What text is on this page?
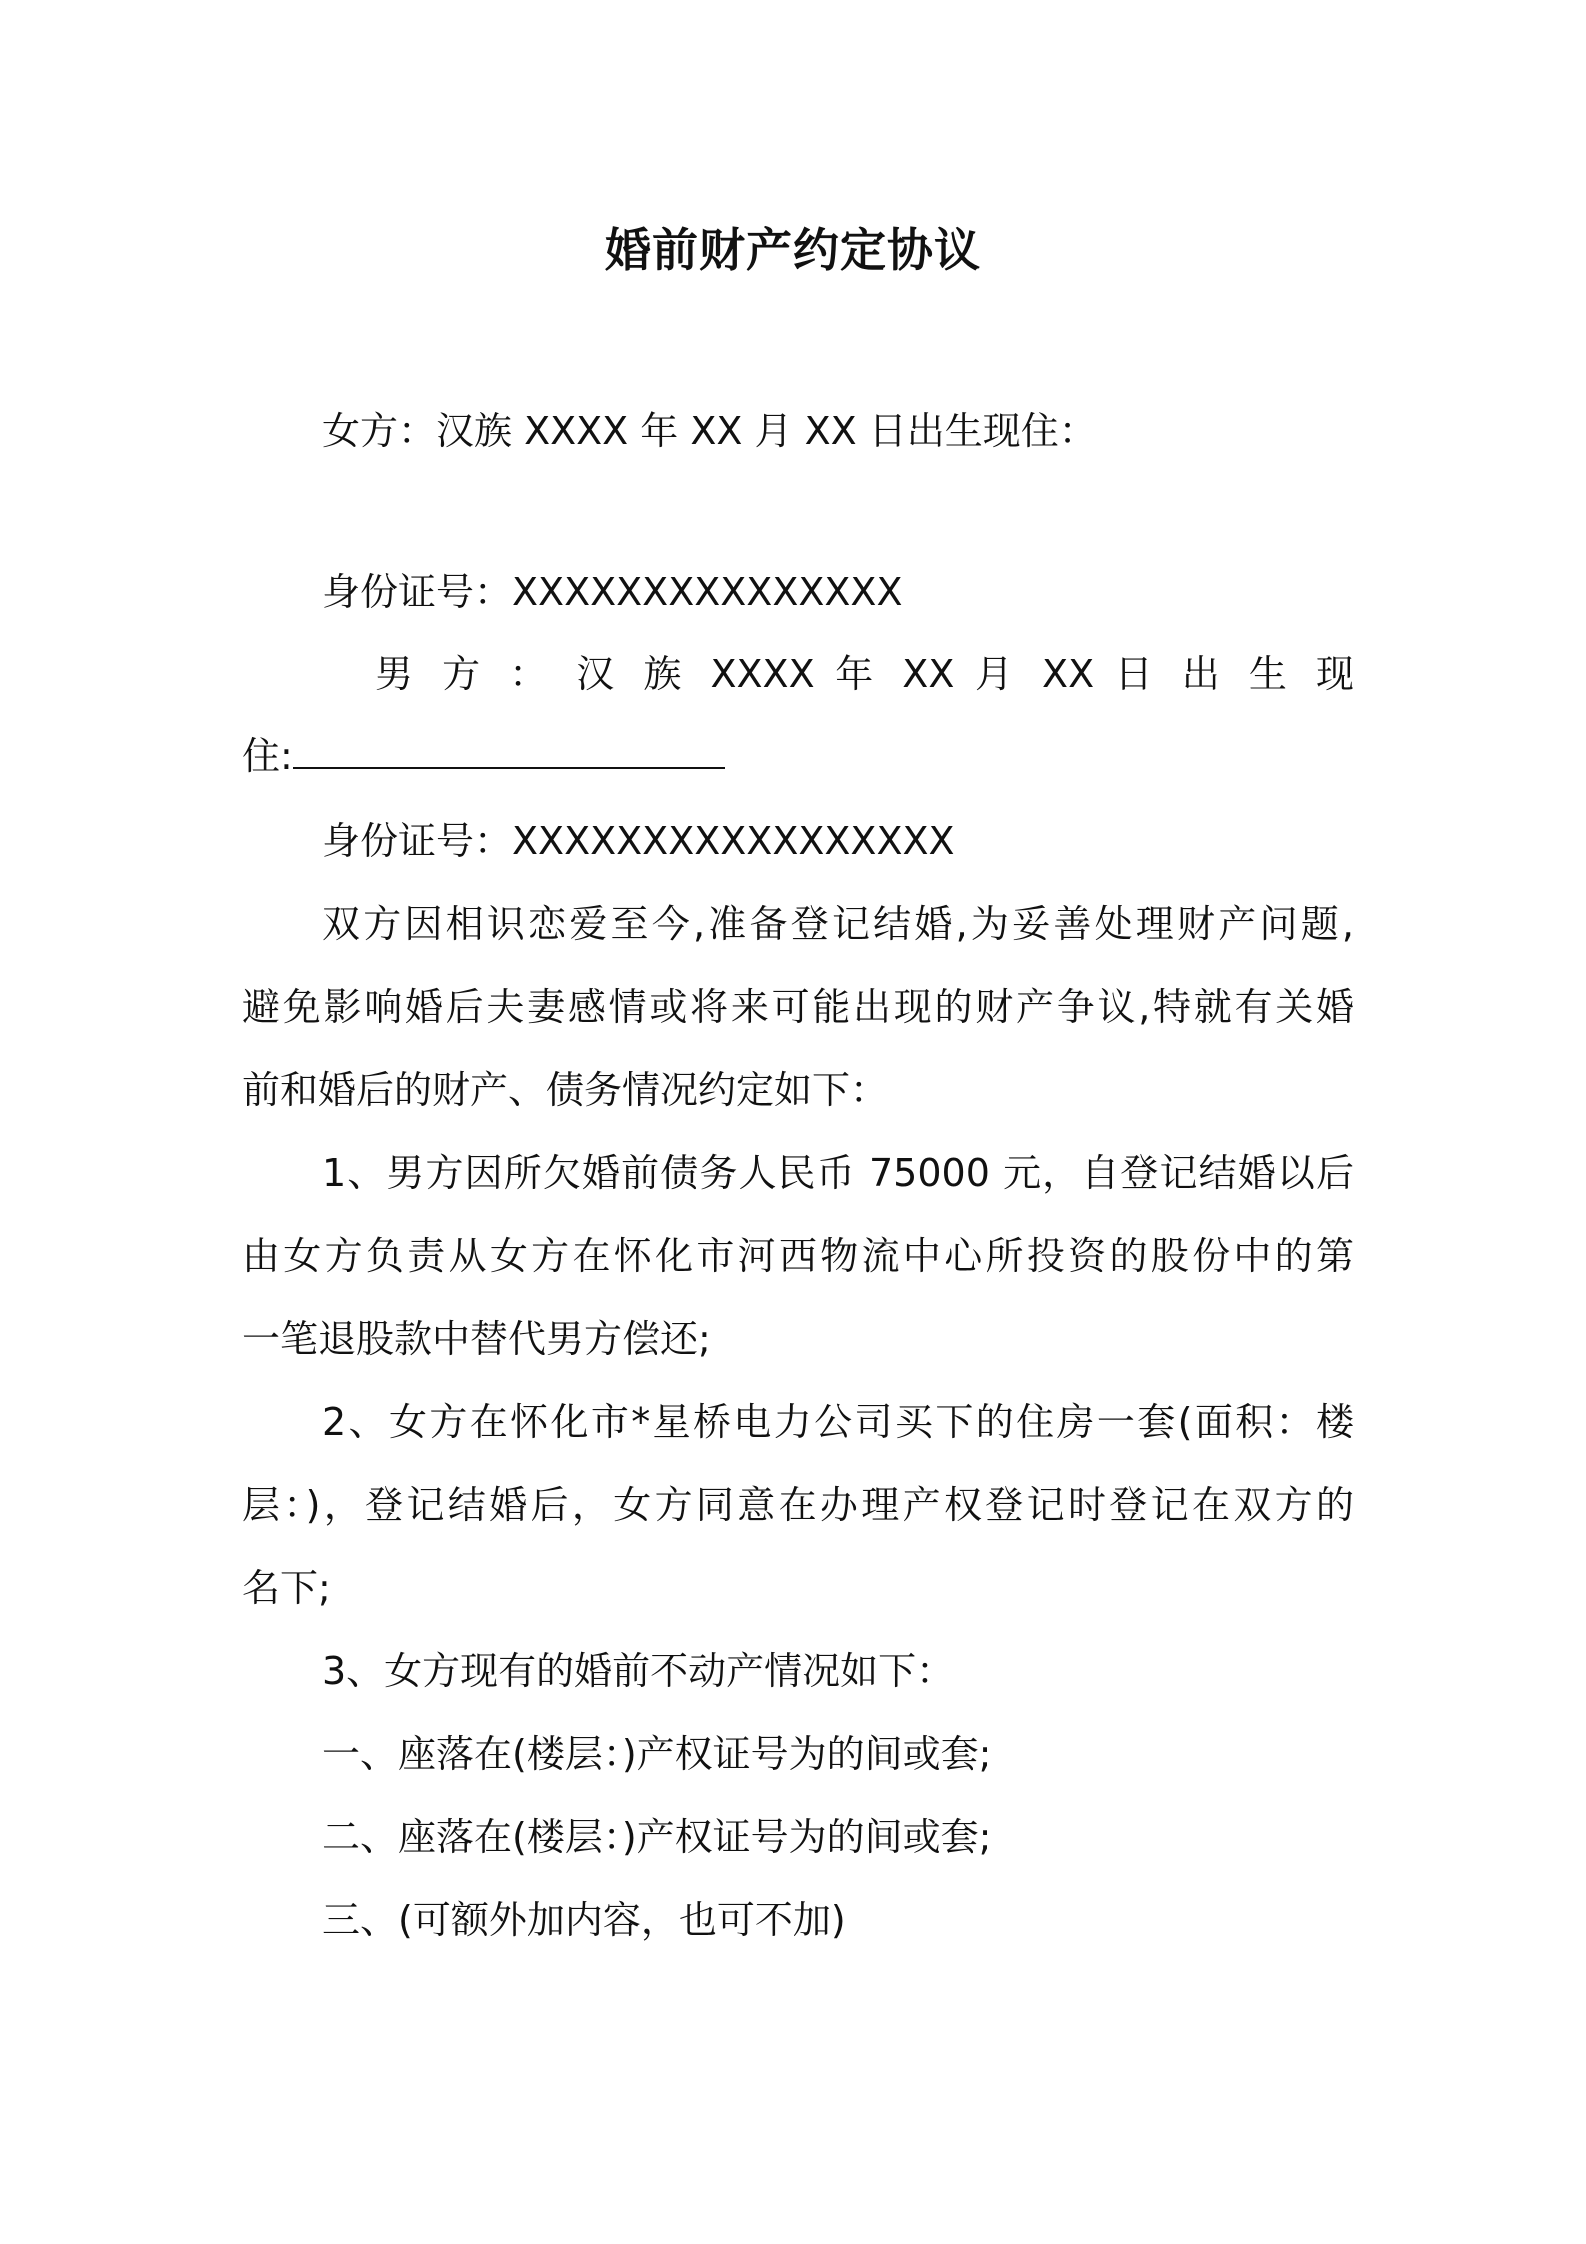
婚前财产约定协议
女方：汉族 XXXX 年 XX 月 XX 日出生现住：
身份证号：XXXXXXXXXXXXXXX
男 方 ： 汉 族 XXXX 年 XX 月 XX 日 出 生 现
住:
身份证号：XXXXXXXXXXXXXXXXX
双方因相识恋爱至今,准备登记结婚,为妥善处理财产问题,
避免影响婚后夫妻感情或将来可能出现的财产争议,特就有关婚
前和婚后的财产、债务情况约定如下：
1、男方因所欠婚前债务人民币 75000 元，自登记结婚以后
由女方负责从女方在怀化市河西物流中心所投资的股份中的第
一笔退股款中替代男方偿还;
2、女方在怀化市*星桥电力公司买下的住房一套(面积：楼
层：)，登记结婚后，女方同意在办理产权登记时登记在双方的
名下;
3、女方现有的婚前不动产情况如下：
一、座落在(楼层：)产权证号为的间或套;
二、座落在(楼层：)产权证号为的间或套;
三、(可额外加内容，也可不加)
